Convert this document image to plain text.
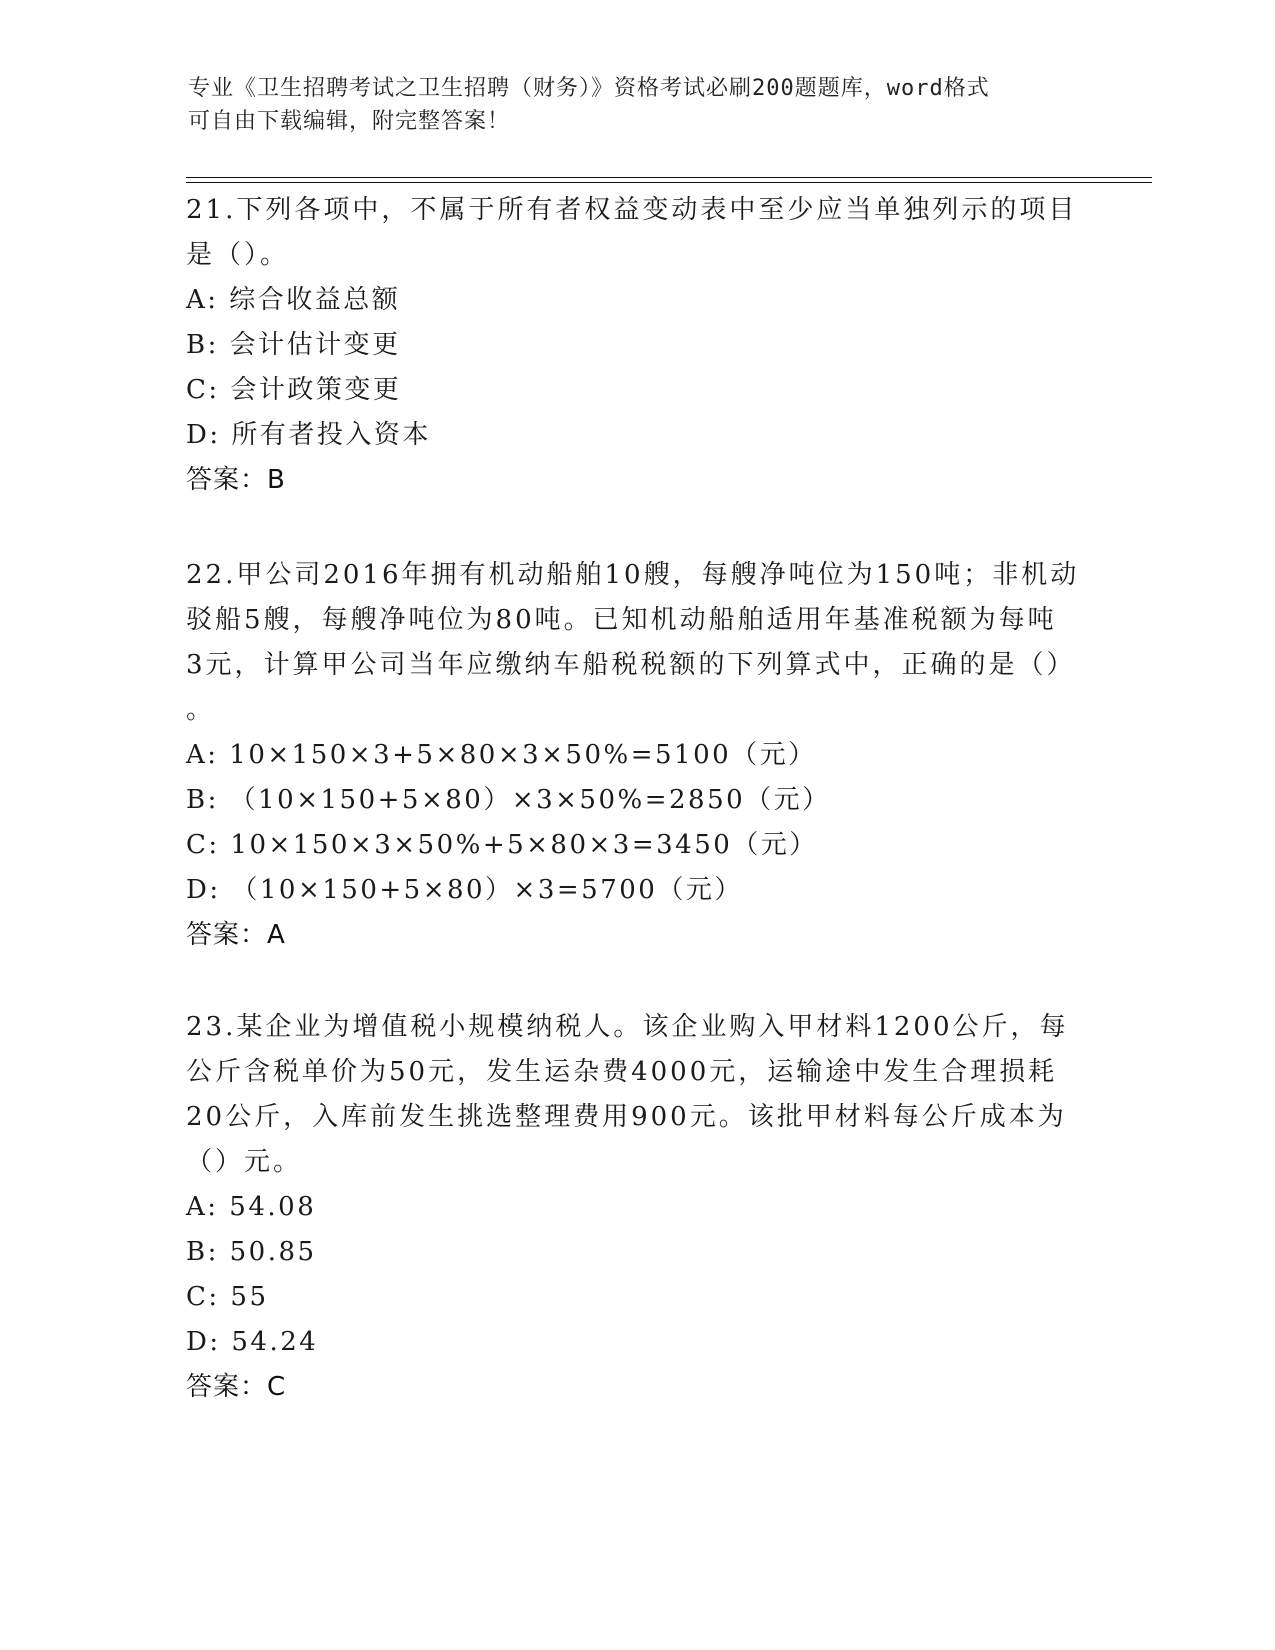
专业《卫生招聘考试之卫生招聘（财务）》资格考试必刷200题题库，word格式
可自由下载编辑，附完整答案！

21.下列各项中，不属于所有者权益变动表中至少应当单独列示的项目

是（）。

A: 综合收益总额

B: 会计估计变更

C: 会计政策变更

D: 所有者投入资本

答案：B

22.甲公司2016年拥有机动船舶10艘，每艘净吨位为150吨；非机动

驳船5艘，每艘净吨位为80吨。已知机动船舶适用年基准税额为每吨

3元，计算甲公司当年应缴纳车船税税额的下列算式中，正确的是（）

。

A: 10×150×3+5×80×3×50%=5100（元）

B: （10×150+5×80）×3×50%=2850（元）

C: 10×150×3×50%+5×80×3=3450（元）

D: （10×150+5×80）×3=5700（元）

答案：A

23.某企业为增值税小规模纳税人。该企业购入甲材料1200公斤，每

公斤含税单价为50元，发生运杂费4000元，运输途中发生合理损耗

20公斤，入库前发生挑选整理费用900元。该批甲材料每公斤成本为

（）元。

A: 54.08

B: 50.85

C: 55

D: 54.24

答案：C
